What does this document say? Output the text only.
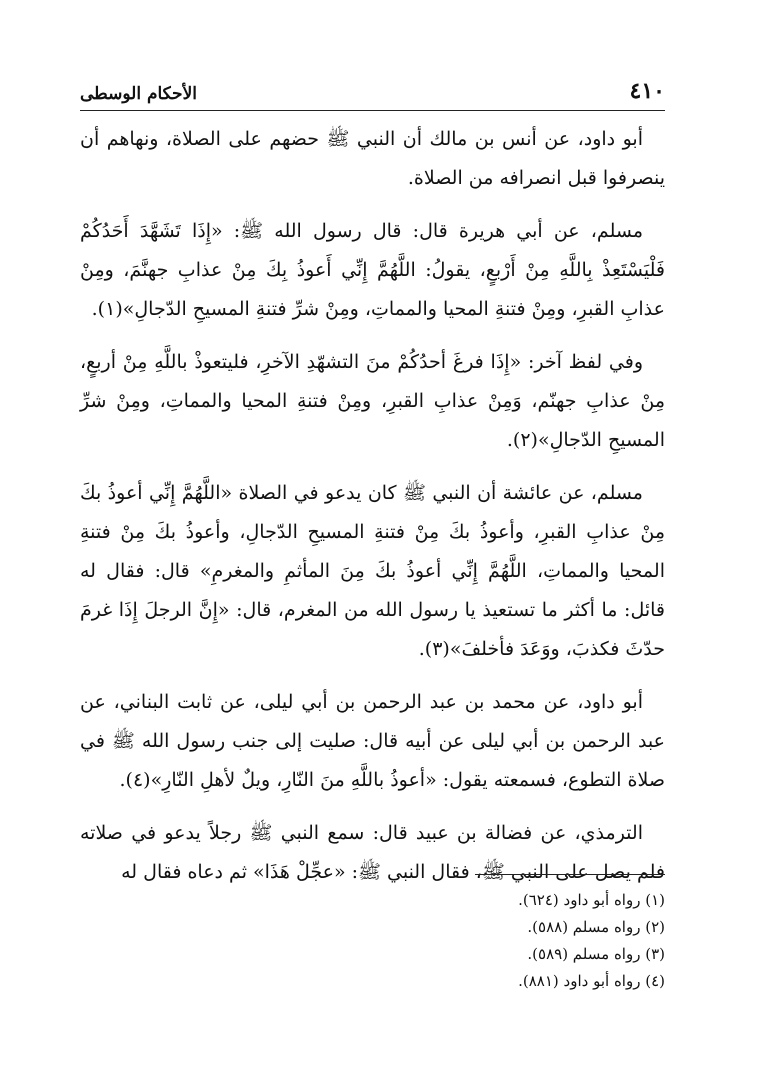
٤١٠
الأحكام الوسطى

أبو داود، عن أنس بن مالك أن النبي ﷺ حضهم على الصلاة، ونهاهم أن ينصرفوا قبل انصرافه من الصلاة.

مسلم، عن أبي هريرة قال: قال رسول الله ﷺ: «إِذَا تَشَهَّدَ أَحَدُكُمْ فَلْيَسْتَعِذْ بِاللَّهِ مِنْ أَرْبعٍ، يقولُ: اللَّهُمَّ إِنِّي أَعوذُ بِكَ مِنْ عذابِ جهنَّمَ، ومِنْ عذابِ القبرِ، ومِنْ فتنةِ المحيا والمماتِ، ومِنْ شرِّ فتنةِ المسيحِ الدّجالِ»(١).

وفي لفظ آخر: «إِذَا فرغَ أحدُكُمْ منَ التشهّدِ الآخرِ، فليتعوذْ باللَّهِ مِنْ أربعٍ، مِنْ عذابِ جهنّم، وَمِنْ عذابِ القبرِ، ومِنْ فتنةِ المحيا والمماتِ، ومِنْ شرِّ المسيحِ الدّجالِ»(٢).

مسلم، عن عائشة أن النبي ﷺ كان يدعو في الصلاة «اللَّهُمَّ إِنِّي أعوذُ بكَ مِنْ عذابِ القبرِ، وأعوذُ بكَ مِنْ فتنةِ المسيحِ الدّجالِ، وأعوذُ بكَ مِنْ فتنةِ المحيا والمماتِ، اللَّهُمَّ إِنِّي أعوذُ بكَ مِنَ المأثمِ والمغرمِ» قال: فقال له قائل: ما أكثر ما تستعيذ يا رسول الله من المغرم، قال: «إِنَّ الرجلَ إِذَا غرمَ حدّثَ فكذبَ، ووَعَدَ فأخلفَ»(٣).

أبو داود، عن محمد بن عبد الرحمن بن أبي ليلى، عن ثابت البناني، عن عبد الرحمن بن أبي ليلى عن أبيه قال: صليت إلى جنب رسول الله ﷺ في صلاة التطوع، فسمعته يقول: «أعوذُ باللَّهِ منَ النّارِ، ويلٌ لأهلِ النّارِ»(٤).

الترمذي، عن فضالة بن عبيد قال: سمع النبي ﷺ رجلاً يدعو في صلاته فلم يصل على النبي ﷺ، فقال النبي ﷺ: «عجِّلْ هَذَا» ثم دعاه فقال له

(١) رواه أبو داود (٦٢٤).

(٢) رواه مسلم (٥٨٨).

(٣) رواه مسلم (٥٨٩).

(٤) رواه أبو داود (٨٨١).
